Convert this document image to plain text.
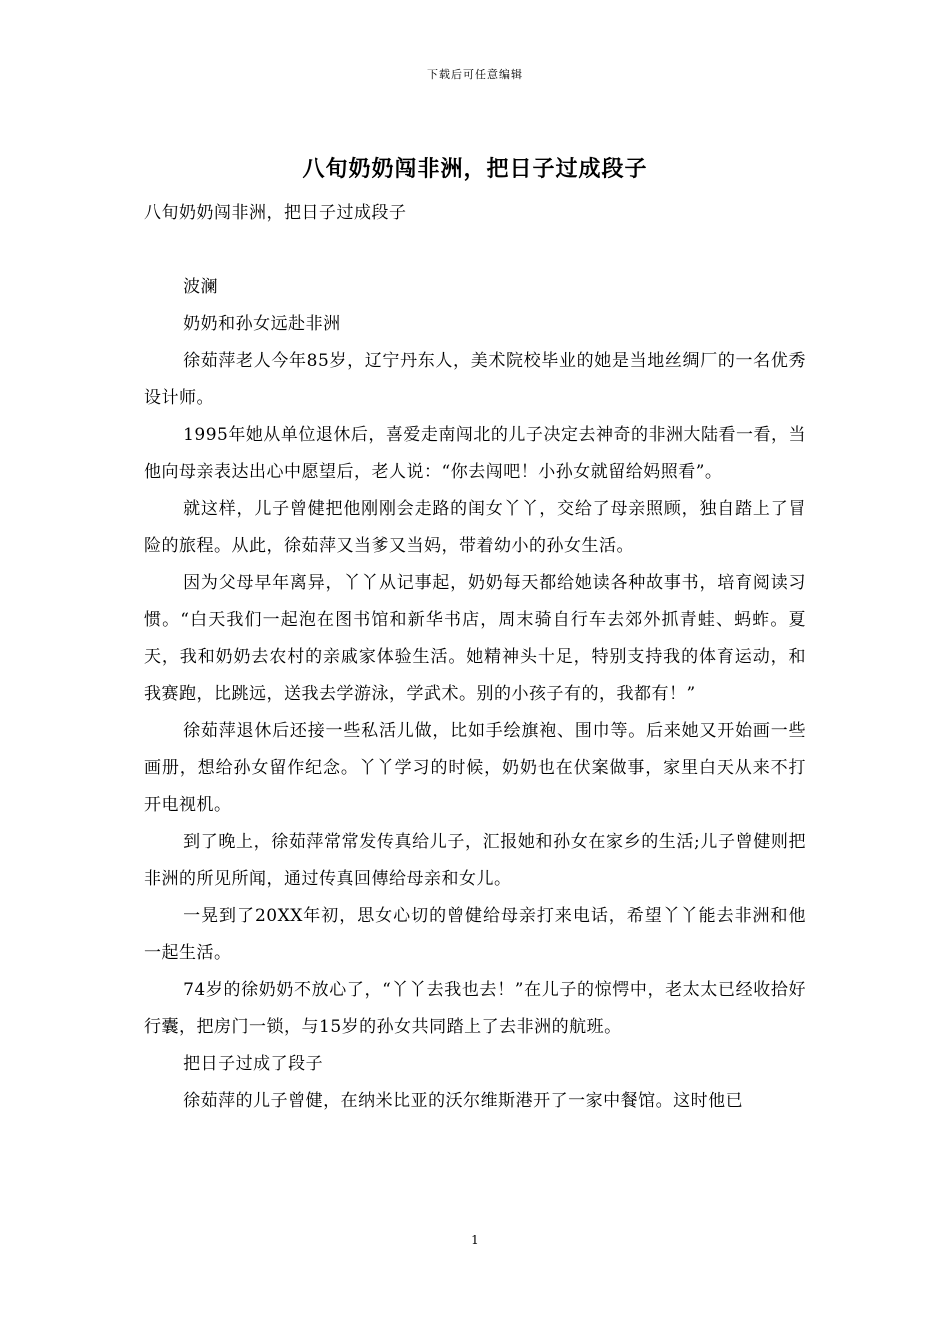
下载后可任意编辑
八旬奶奶闯非洲，把日子过成段子

八旬奶奶闯非洲，把日子过成段子

波澜

奶奶和孙女远赴非洲

徐茹萍老人今年85岁，辽宁丹东人，美术院校毕业的她是当地丝绸厂的一名优秀设计师。

1995年她从单位退休后，喜爱走南闯北的儿子决定去神奇的非洲大陆看一看，当他向母亲表达出心中愿望后，老人说：“你去闯吧！小孙女就留给妈照看”。

就这样，儿子曾健把他刚刚会走路的闺女丫丫，交给了母亲照顾，独自踏上了冒险的旅程。从此，徐茹萍又当爹又当妈，带着幼小的孙女生活。

因为父母早年离异，丫丫从记事起，奶奶每天都给她读各种故事书，培育阅读习惯。“白天我们一起泡在图书馆和新华书店，周末骑自行车去郊外抓青蛙、蚂蚱。夏天，我和奶奶去农村的亲戚家体验生活。她精神头十足，特别支持我的体育运动，和我赛跑，比跳远，送我去学游泳，学武术。别的小孩子有的，我都有！”

徐茹萍退休后还接一些私活儿做，比如手绘旗袍、围巾等。后来她又开始画一些画册，想给孙女留作纪念。丫丫学习的时候，奶奶也在伏案做事，家里白天从来不打开电视机。

到了晚上，徐茹萍常常发传真给儿子，汇报她和孙女在家乡的生活;儿子曾健则把非洲的所见所闻，通过传真回傳给母亲和女儿。

一晃到了20XX年初，思女心切的曾健给母亲打来电话，希望丫丫能去非洲和他一起生活。

74岁的徐奶奶不放心了，“丫丫去我也去！”在儿子的惊愕中，老太太已经收拾好行囊，把房门一锁，与15岁的孙女共同踏上了去非洲的航班。

把日子过成了段子

徐茹萍的儿子曾健，在纳米比亚的沃尔维斯港开了一家中餐馆。这时他已

1
